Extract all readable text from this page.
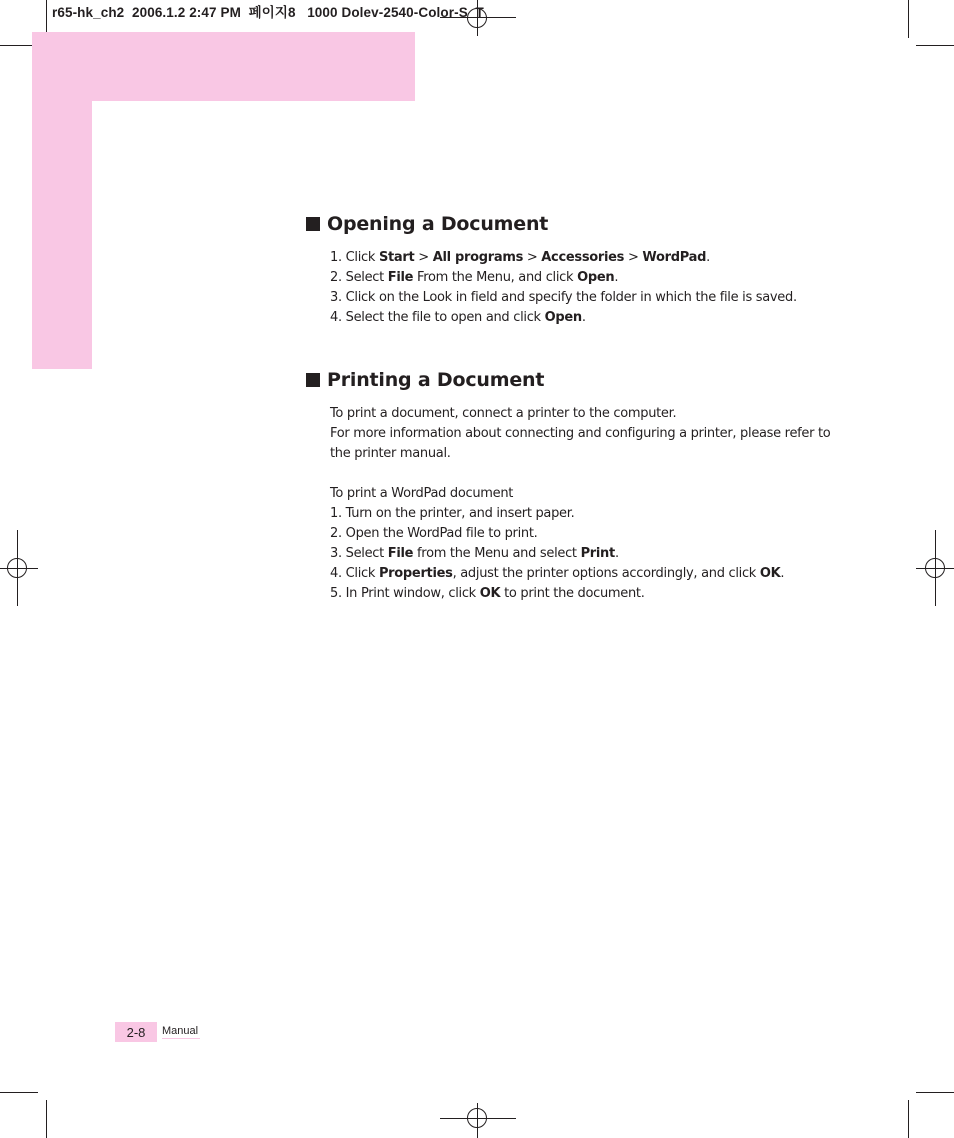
r65-hk_ch2  2006.1.2 2:47 PM  페이지8   1000 Dolev-2540-Color-S  T
Opening a Document
1. Click Start > All programs > Accessories > WordPad.
2. Select File From the Menu, and click Open.
3. Click on the Look in field and specify the folder in which the file is saved.
4. Select the file to open and click Open.
Printing a Document
To print a document, connect a printer to the computer.
For more information about connecting and configuring a printer, please refer to
the printer manual.

To print a WordPad document
1. Turn on the printer, and insert paper.
2. Open the WordPad file to print.
3. Select File from the Menu and select Print.
4. Click Properties, adjust the printer options accordingly, and click OK.
5. In Print window, click OK to print the document.
2-8	Manual
